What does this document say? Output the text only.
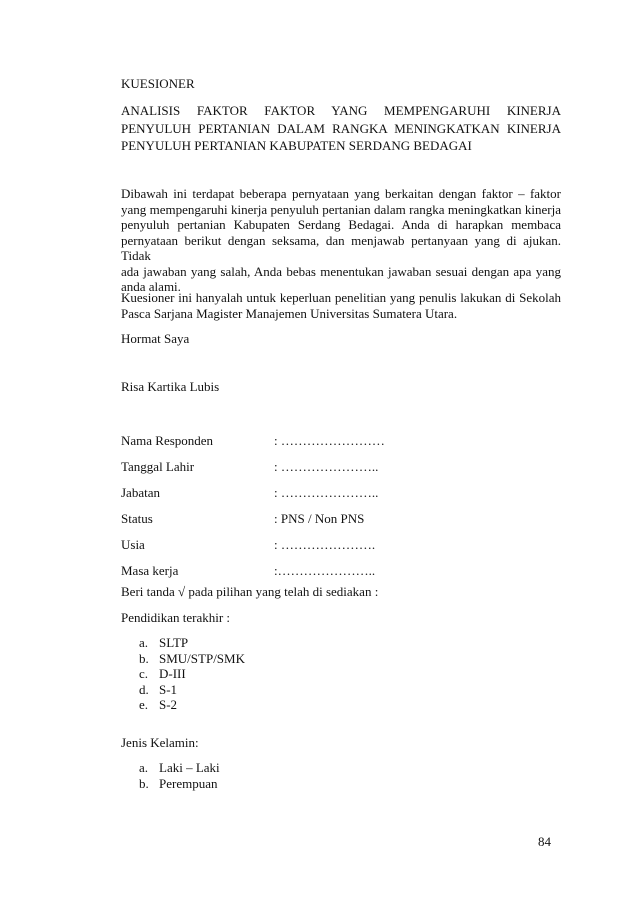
KUESIONER
ANALISIS FAKTOR FAKTOR YANG MEMPENGARUHI KINERJA
PENYULUH PERTANIAN DALAM RANGKA MENINGKATKAN KINERJA
PENYULUH PERTANIAN KABUPATEN SERDANG BEDAGAI
Dibawah ini terdapat beberapa pernyataan yang berkaitan dengan faktor – faktor
yang mempengaruhi kinerja penyuluh pertanian dalam rangka meningkatkan kinerja
penyuluh pertanian Kabupaten Serdang Bedagai. Anda di harapkan membaca
pernyataan berikut dengan seksama, dan menjawab pertanyaan yang di ajukan. Tidak
ada jawaban yang salah, Anda bebas menentukan jawaban sesuai dengan apa yang
anda alami.
Kuesioner ini hanyalah untuk keperluan penelitian yang penulis lakukan di Sekolah
Pasca Sarjana Magister Manajemen Universitas Sumatera Utara.
Hormat Saya
Risa Kartika Lubis
Nama Responden	: ……………………
Tanggal Lahir	: …………………..
Jabatan	: …………………..
Status	: PNS / Non PNS
Usia	: ………………….
Masa kerja	:…………………..
Beri tanda √ pada pilihan yang telah di sediakan :
Pendidikan terakhir :
a. SLTP
b. SMU/STP/SMK
c. D-III
d. S-1
e. S-2
Jenis Kelamin:
a. Laki – Laki
b. Perempuan
84
